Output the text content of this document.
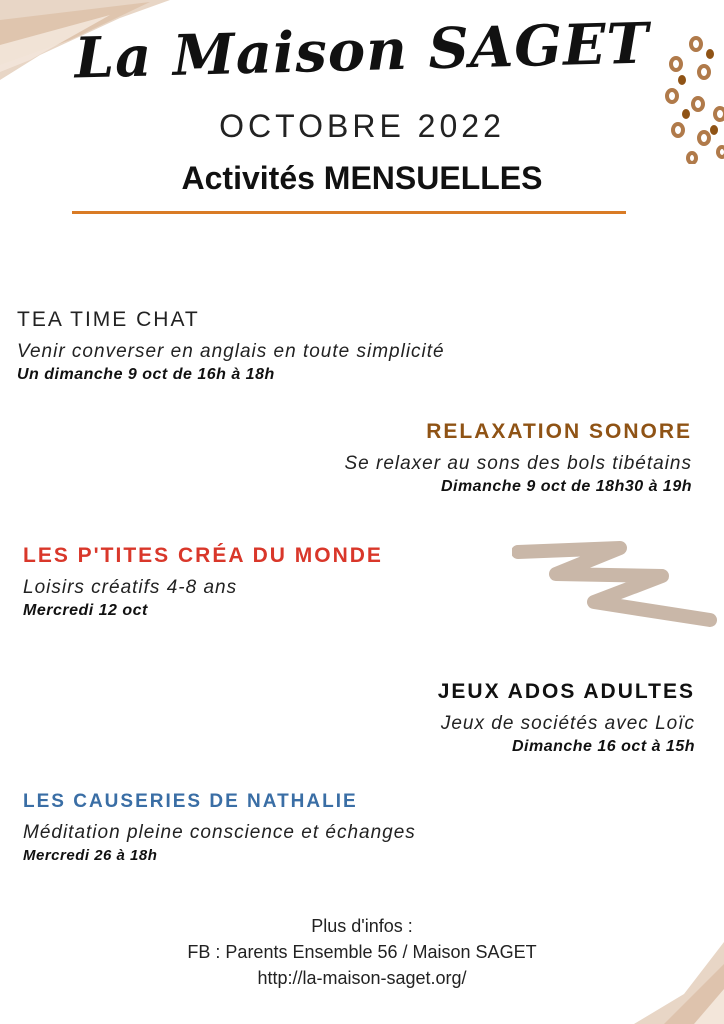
La Maison SAGET
OCTOBRE 2022
Activités MENSUELLES
TEA TIME CHAT
Venir converser en anglais en toute simplicité
Un dimanche 9 oct de 16h à 18h
RELAXATION SONORE
Se relaxer au sons des bols tibétains
Dimanche 9 oct de 18h30 à 19h
LES P'TITES CRÉA DU MONDE
Loisirs créatifs 4-8 ans
Mercredi 12 oct
JEUX ADOS ADULTES
Jeux de sociétés avec Loïc
Dimanche 16 oct à 15h
LES CAUSERIES DE NATHALIE
Méditation pleine conscience et échanges
Mercredi 26 à 18h
Plus d'infos :
FB : Parents Ensemble 56 / Maison SAGET
http://la-maison-saget.org/
